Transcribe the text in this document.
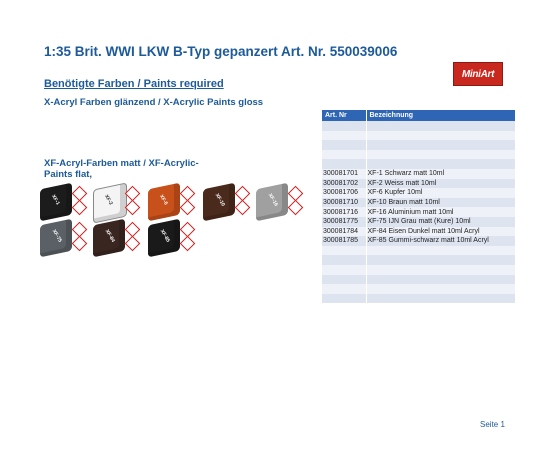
1:35 Brit. WWI LKW B-Typ gepanzert Art. Nr. 550039006
MiniArt
Benötigte Farben / Paints required
X-Acryl Farben glänzend / X-Acrylic Paints gloss
XF-Acryl-Farben matt / XF-Acrylic-Paints flat,
XF-1	XF-2	XF-6	XF-10	XF-16
XF-75	XF-84	XF-85
Art. Nr	Bezeichnung

300081701	XF-1 Schwarz matt 10ml
300081702	XF-2 Weiss matt 10ml
300081706	XF-6 Kupfer 10ml
300081710	XF-10 Braun matt 10ml
300081716	XF-16 Aluminium matt 10ml
300081775	XF-75 IJN Grau matt (Kure) 10ml
300081784	XF-84 Eisen Dunkel matt 10ml Acryl
300081785	XF-85 Gummi-schwarz matt 10ml Acryl

Seite 1
